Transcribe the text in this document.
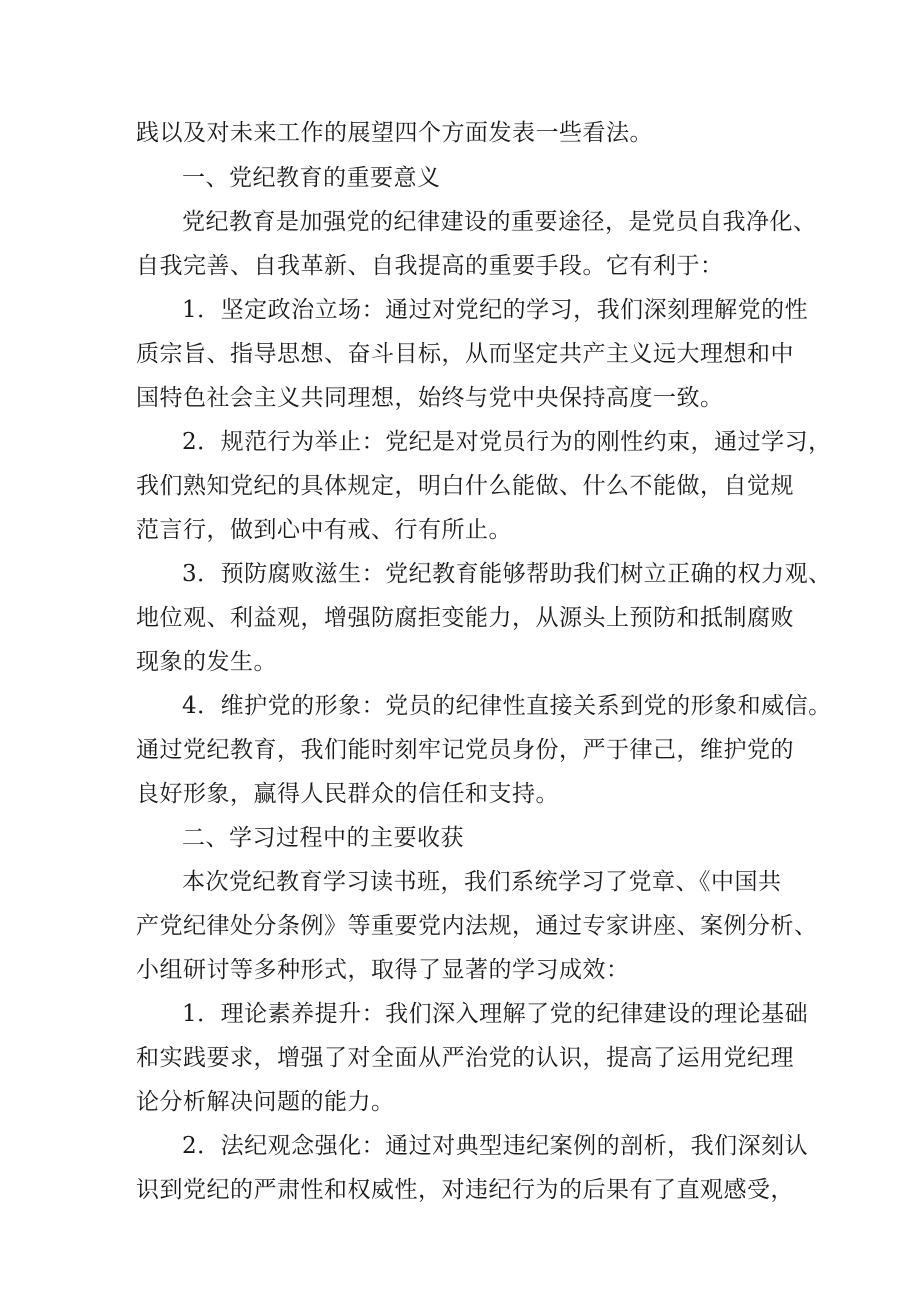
践以及对未来工作的展望四个方面发表一些看法。
一、党纪教育的重要意义
党纪教育是加强党的纪律建设的重要途径，是党员自我净化、
自我完善、自我革新、自我提高的重要手段。它有利于：
1．坚定政治立场：通过对党纪的学习，我们深刻理解党的性
质宗旨、指导思想、奋斗目标，从而坚定共产主义远大理想和中
国特色社会主义共同理想，始终与党中央保持高度一致。
2．规范行为举止：党纪是对党员行为的刚性约束，通过学习，
我们熟知党纪的具体规定，明白什么能做、什么不能做，自觉规
范言行，做到心中有戒、行有所止。
3．预防腐败滋生：党纪教育能够帮助我们树立正确的权力观、
地位观、利益观，增强防腐拒变能力，从源头上预防和抵制腐败
现象的发生。
4．维护党的形象：党员的纪律性直接关系到党的形象和威信。
通过党纪教育，我们能时刻牢记党员身份，严于律己，维护党的
良好形象，赢得人民群众的信任和支持。
二、学习过程中的主要收获
本次党纪教育学习读书班，我们系统学习了党章、《中国共
产党纪律处分条例》等重要党内法规，通过专家讲座、案例分析、
小组研讨等多种形式，取得了显著的学习成效：
1．理论素养提升：我们深入理解了党的纪律建设的理论基础
和实践要求，增强了对全面从严治党的认识，提高了运用党纪理
论分析解决问题的能力。
2．法纪观念强化：通过对典型违纪案例的剖析，我们深刻认
识到党纪的严肃性和权威性，对违纪行为的后果有了直观感受，
